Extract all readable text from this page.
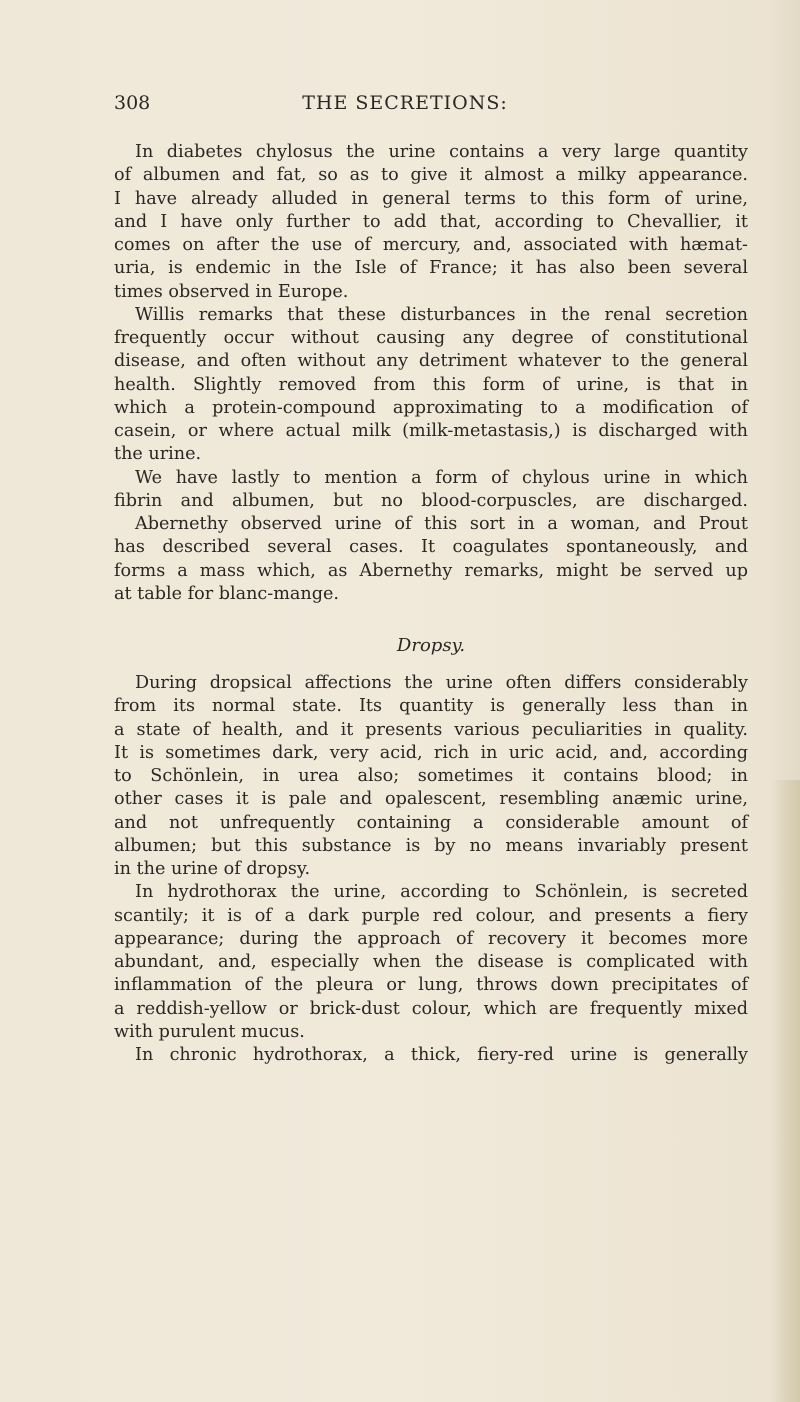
308	THE SECRETIONS:
In diabetes chylosus the urine contains a very large quantity
of albumen and fat, so as to give it almost a milky appearance.
I have already alluded in general terms to this form of urine,
and I have only further to add that, according to Chevallier, it
comes on after the use of mercury, and, associated with hæmat-
uria, is endemic in the Isle of France; it has also been several
times observed in Europe.
Willis remarks that these disturbances in the renal secretion
frequently occur without causing any degree of constitutional
disease, and often without any detriment whatever to the general
health. Slightly removed from this form of urine, is that in
which a protein-compound approximating to a modification of
casein, or where actual milk (milk-metastasis,) is discharged with
the urine.
We have lastly to mention a form of chylous urine in which
fibrin and albumen, but no blood-corpuscles, are discharged.
Abernethy observed urine of this sort in a woman, and Prout
has described several cases. It coagulates spontaneously, and
forms a mass which, as Abernethy remarks, might be served up
at table for blanc-mange.
Dropsy.
During dropsical affections the urine often differs considerably
from its normal state. Its quantity is generally less than in
a state of health, and it presents various peculiarities in quality.
It is sometimes dark, very acid, rich in uric acid, and, according
to Schönlein, in urea also; sometimes it contains blood; in
other cases it is pale and opalescent, resembling anæmic urine,
and not unfrequently containing a considerable amount of
albumen; but this substance is by no means invariably present
in the urine of dropsy.
In hydrothorax the urine, according to Schönlein, is secreted
scantily; it is of a dark purple red colour, and presents a fiery
appearance; during the approach of recovery it becomes more
abundant, and, especially when the disease is complicated with
inflammation of the pleura or lung, throws down precipitates of
a reddish-yellow or brick-dust colour, which are frequently mixed
with purulent mucus.
In chronic hydrothorax, a thick, fiery-red urine is generally
